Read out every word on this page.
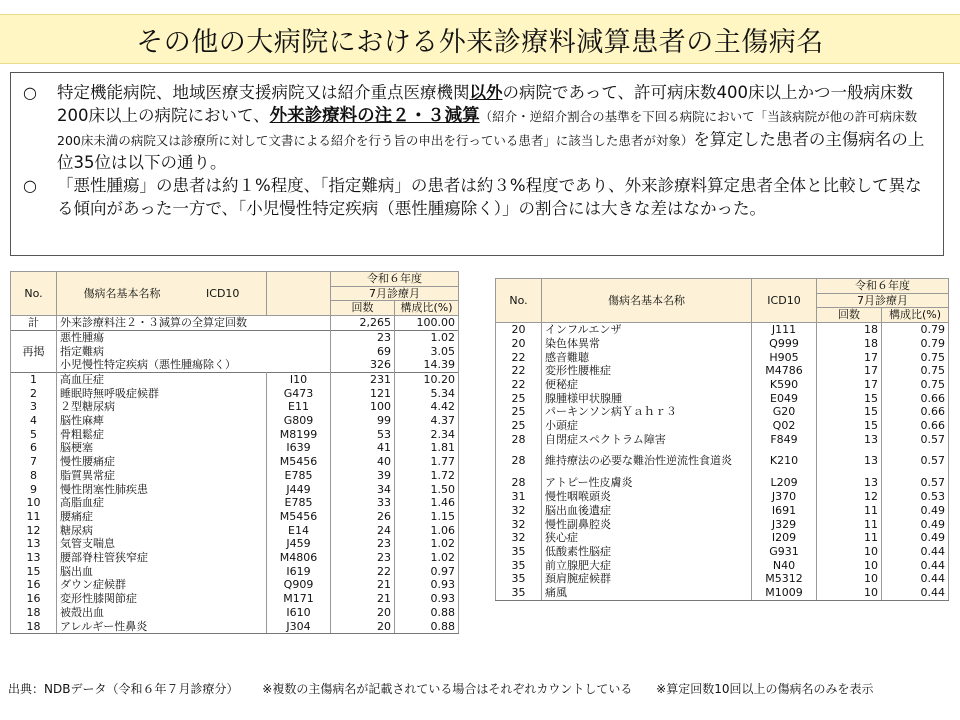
その他の大病院における外来診療料減算患者の主傷病名
○	特定機能病院、地域医療支援病院又は紹介重点医療機関以外の病院であって、許可病床数400床以上かつ一般病床数200床以上の病院において、外来診療料の注２・３減算（紹介・逆紹介割合の基準を下回る病院において「当該病院が他の許可病床数200床未満の病院又は診療所に対して文書による紹介を行う旨の申出を行っている患者」に該当した患者が対象）を算定した患者の主傷病名の上位35位は以下の通り。
○	「悪性腫瘍」の患者は約１%程度、「指定難病」の患者は約３%程度であり、外来診療料算定患者全体と比較して異なる傾向があった一方で、「小児慢性特定疾病（悪性腫瘍除く）」の割合には大きな差はなかった。
No.	傷病名基本名称 ICD10		令和６年度	
			7月診療月	
			回数	構成比(%)
計	外来診療料注２・３減算の全算定回数		2,265	100.00
再掲	悪性腫瘍		23	1.02
	指定難病		69	3.05
	小児慢性特定疾病（悪性腫瘍除く）		326	14.39
1	高血圧症	I10	231	10.20
2	睡眠時無呼吸症候群	G473	121	5.34
3	２型糖尿病	E11	100	4.42
4	脳性麻痺	G809	99	4.37
5	骨粗鬆症	M8199	53	2.34
6	脳梗塞	I639	41	1.81
7	慢性腰痛症	M5456	40	1.77
8	脂質異常症	E785	39	1.72
9	慢性閉塞性肺疾患	J449	34	1.50
10	高脂血症	E785	33	1.46
11	腰痛症	M5456	26	1.15
12	糖尿病	E14	24	1.06
13	気管支喘息	J459	23	1.02
13	腰部脊柱管狭窄症	M4806	23	1.02
15	脳出血	I619	22	0.97
16	ダウン症候群	Q909	21	0.93
16	変形性膝関節症	M171	21	0.93
18	被殻出血	I610	20	0.88
18	アレルギー性鼻炎	J304	20	0.88
No.	傷病名基本名称	ICD10	令和６年度	
			7月診療月	
			回数	構成比(%)
20	インフルエンザ	J111	18	0.79
20	染色体異常	Q999	18	0.79
22	感音難聴	H905	17	0.75
22	変形性腰椎症	M4786	17	0.75
22	便秘症	K590	17	0.75
25	腺腫様甲状腺腫	E049	15	0.66
25	パーキンソン病Ｙａｈｒ３	G20	15	0.66
25	小頭症	Q02	15	0.66
28	自閉症スペクトラム障害	F849	13	0.57
28	維持療法の必要な難治性逆流性食道炎	K210	13	0.57
28	アトピー性皮膚炎	L209	13	0.57
31	慢性咽喉頭炎	J370	12	0.53
32	脳出血後遺症	I691	11	0.49
32	慢性副鼻腔炎	J329	11	0.49
32	狭心症	I209	11	0.49
35	低酸素性脳症	G931	10	0.44
35	前立腺肥大症	N40	10	0.44
35	頚肩腕症候群	M5312	10	0.44
35	痛風	M1009	10	0.44
出典：NDBデータ（令和６年７月診療分） ※複数の主傷病名が記載されている場合はそれぞれカウントしている ※算定回数10回以上の傷病名のみを表示
